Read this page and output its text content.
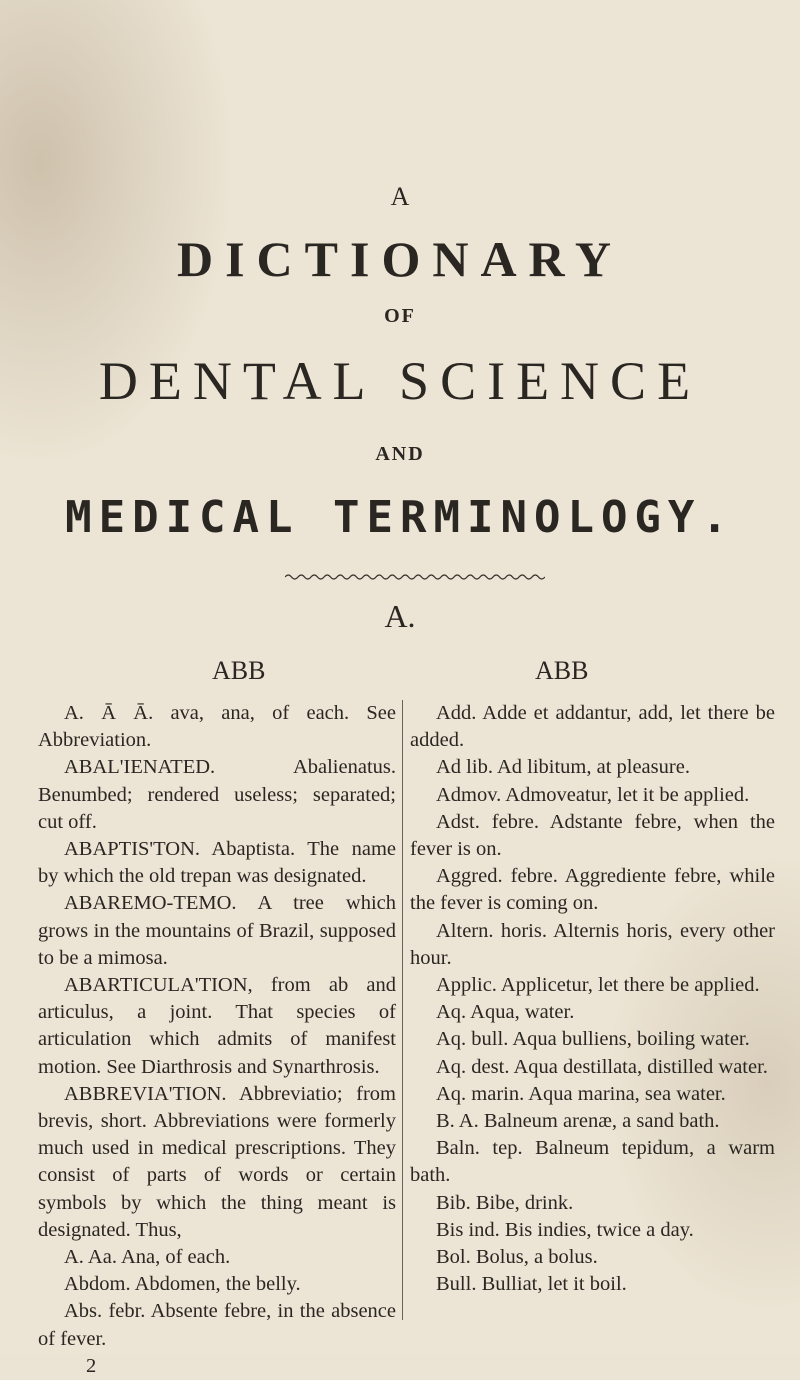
A
DICTIONARY
OF
DENTAL SCIENCE
AND
MEDICAL TERMINOLOGY.
A.
ABB	ABB

A. Ā Ā. ava, ana, of each. See Abbreviation.

ABAL'IENATED. Abalienatus. Benumbed; rendered useless; separated; cut off.

ABAPTIS'TON. Abaptista. The name by which the old trepan was designated.

ABAREMO-TEMO. A tree which grows in the mountains of Brazil, supposed to be a mimosa.

ABARTICULA'TION, from ab and articulus, a joint. That species of articulation which admits of manifest motion. See Diarthrosis and Synarthrosis.

ABBREVIA'TION. Abbreviatio; from brevis, short. Abbreviations were formerly much used in medical prescriptions. They consist of parts of words or certain symbols by which the thing meant is designated. Thus,

A. Aa. Ana, of each.

Abdom. Abdomen, the belly.

Abs. febr. Absente febre, in the absence of fever.

2

Add. Adde et addantur, add, let there be added.

Ad lib. Ad libitum, at pleasure.

Admov. Admoveatur, let it be applied.

Adst. febre. Adstante febre, when the fever is on.

Aggred. febre. Aggrediente febre, while the fever is coming on.

Altern. horis. Alternis horis, every other hour.

Applic. Applicetur, let there be applied.

Aq. Aqua, water.

Aq. bull. Aqua bulliens, boiling water.

Aq. dest. Aqua destillata, distilled water.

Aq. marin. Aqua marina, sea water.

B. A. Balneum arenæ, a sand bath.

Baln. tep. Balneum tepidum, a warm bath.

Bib. Bibe, drink.

Bis ind. Bis indies, twice a day.

Bol. Bolus, a bolus.

Bull. Bulliat, let it boil.
